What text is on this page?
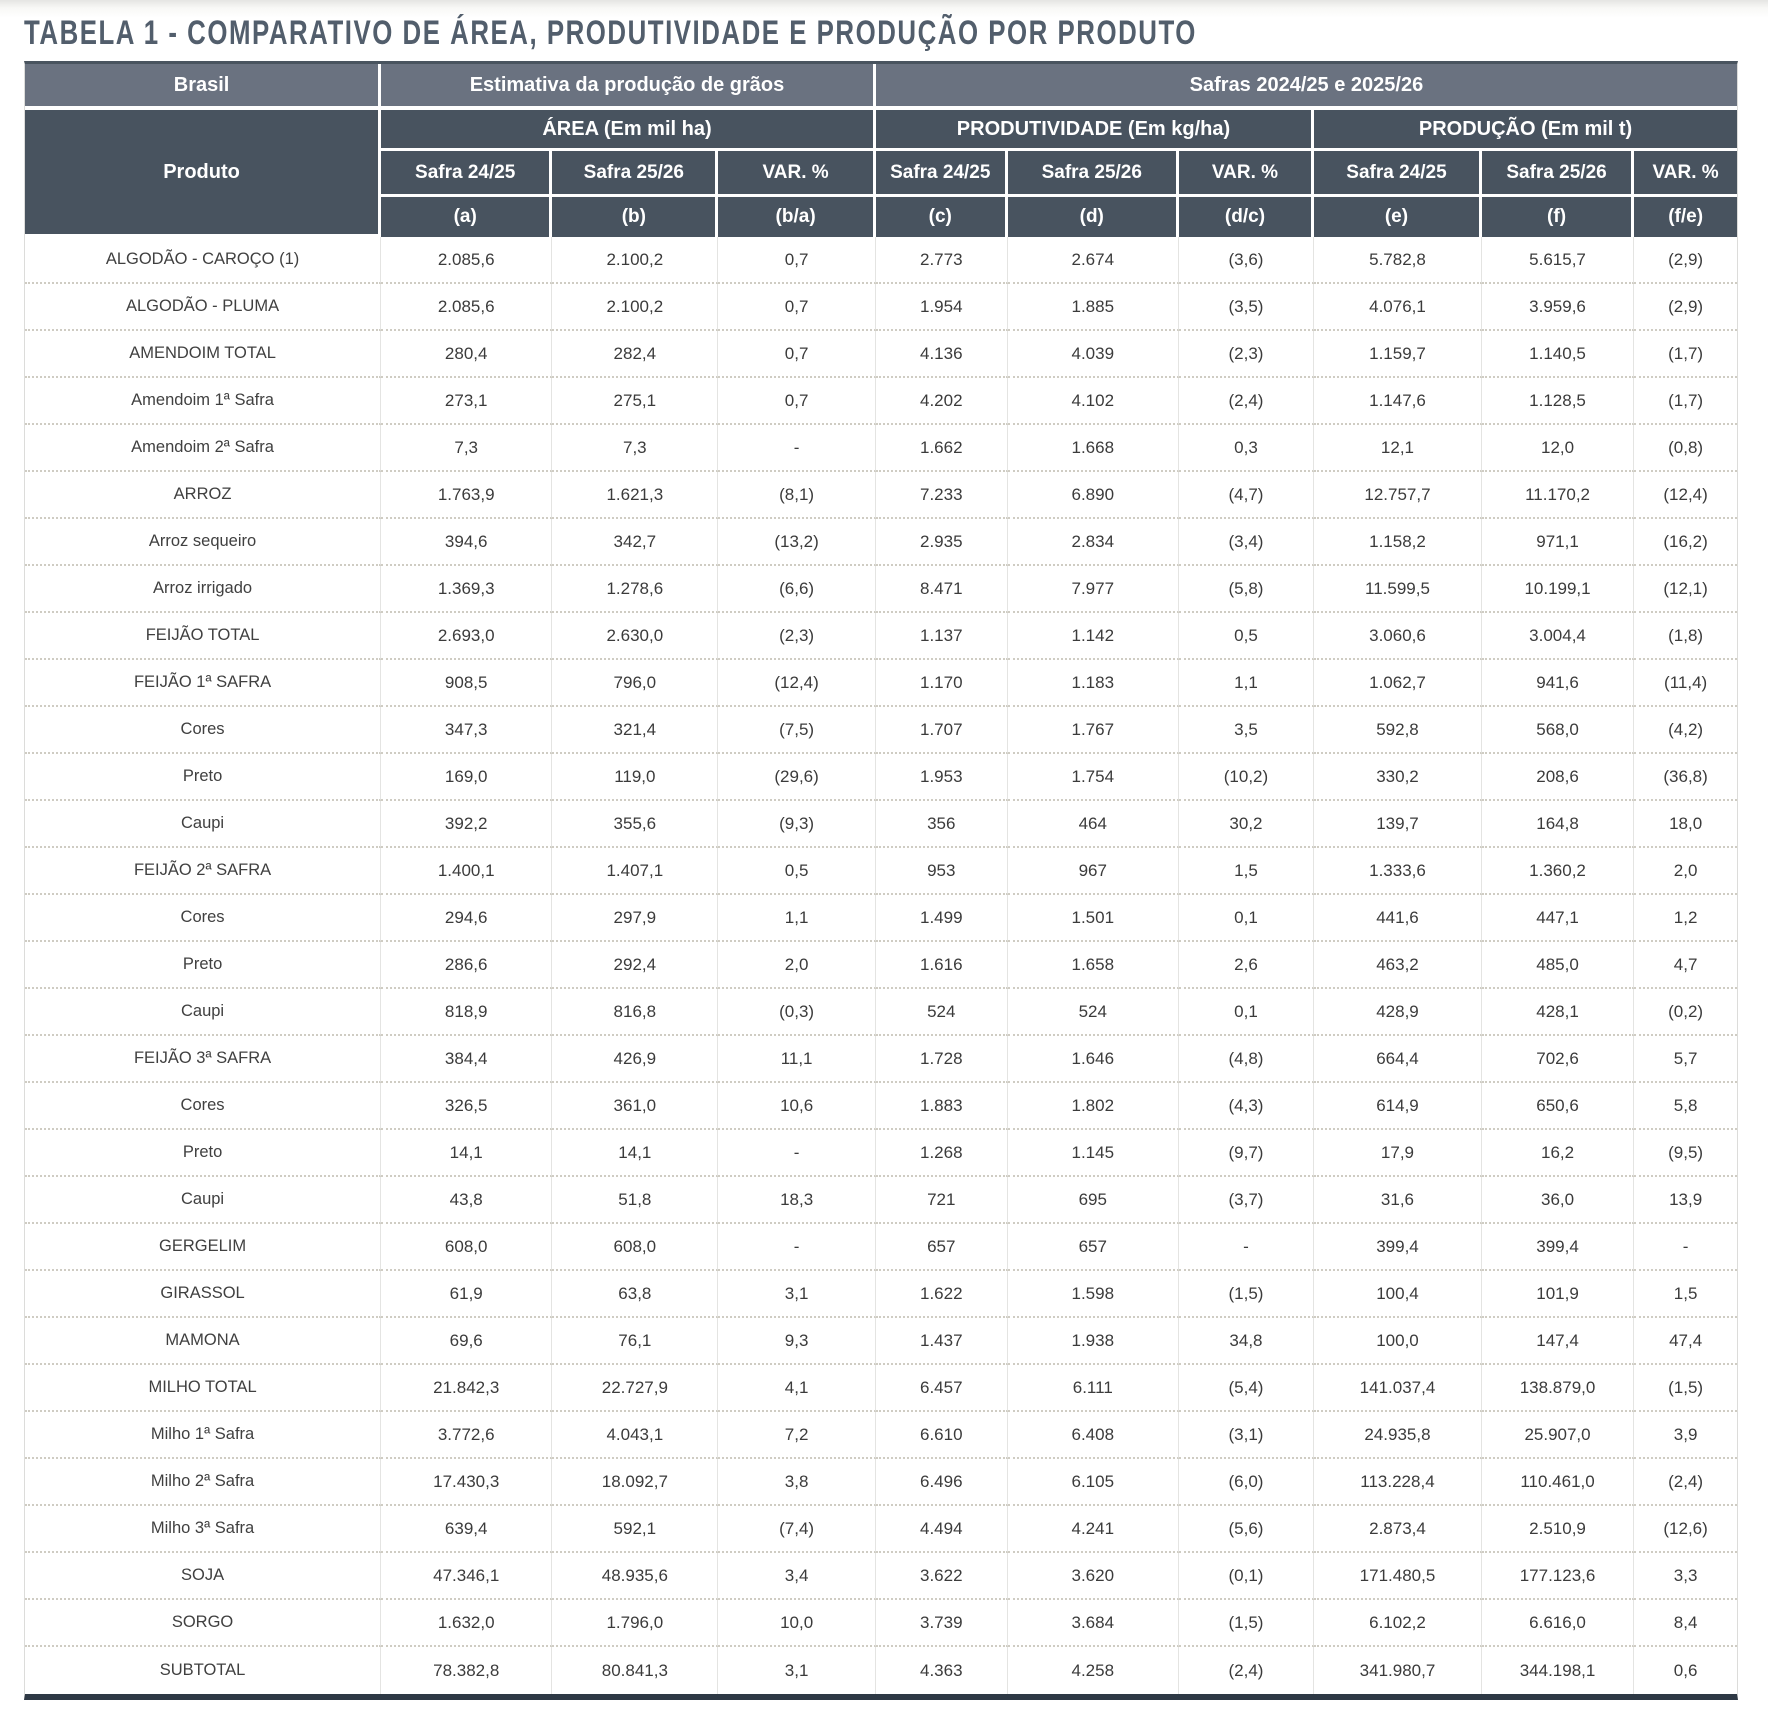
TABELA 1 - COMPARATIVO DE ÁREA, PRODUTIVIDADE E PRODUÇÃO POR PRODUTO
Brasil	Estimativa da produção de grãos			Safras 2024/25 e 2025/26					
Produto	ÁREA (Em mil ha)			PRODUTIVIDADE (Em kg/ha)			PRODUÇÃO (Em mil t)		
	Safra 24/25	Safra 25/26	VAR. %	Safra 24/25	Safra 25/26	VAR. %	Safra 24/25	Safra 25/26	VAR. %
	(a)	(b)	(b/a)	(c)	(d)	(d/c)	(e)	(f)	(f/e)
ALGODÃO - CAROÇO (1)	2.085,6	2.100,2	0,7	2.773	2.674	(3,6)	5.782,8	5.615,7	(2,9)
ALGODÃO - PLUMA	2.085,6	2.100,2	0,7	1.954	1.885	(3,5)	4.076,1	3.959,6	(2,9)
AMENDOIM TOTAL	280,4	282,4	0,7	4.136	4.039	(2,3)	1.159,7	1.140,5	(1,7)
Amendoim 1ª Safra	273,1	275,1	0,7	4.202	4.102	(2,4)	1.147,6	1.128,5	(1,7)
Amendoim 2ª Safra	7,3	7,3	-	1.662	1.668	0,3	12,1	12,0	(0,8)
ARROZ	1.763,9	1.621,3	(8,1)	7.233	6.890	(4,7)	12.757,7	11.170,2	(12,4)
Arroz sequeiro	394,6	342,7	(13,2)	2.935	2.834	(3,4)	1.158,2	971,1	(16,2)
Arroz irrigado	1.369,3	1.278,6	(6,6)	8.471	7.977	(5,8)	11.599,5	10.199,1	(12,1)
FEIJÃO TOTAL	2.693,0	2.630,0	(2,3)	1.137	1.142	0,5	3.060,6	3.004,4	(1,8)
FEIJÃO 1ª SAFRA	908,5	796,0	(12,4)	1.170	1.183	1,1	1.062,7	941,6	(11,4)
Cores	347,3	321,4	(7,5)	1.707	1.767	3,5	592,8	568,0	(4,2)
Preto	169,0	119,0	(29,6)	1.953	1.754	(10,2)	330,2	208,6	(36,8)
Caupi	392,2	355,6	(9,3)	356	464	30,2	139,7	164,8	18,0
FEIJÃO 2ª SAFRA	1.400,1	1.407,1	0,5	953	967	1,5	1.333,6	1.360,2	2,0
Cores	294,6	297,9	1,1	1.499	1.501	0,1	441,6	447,1	1,2
Preto	286,6	292,4	2,0	1.616	1.658	2,6	463,2	485,0	4,7
Caupi	818,9	816,8	(0,3)	524	524	0,1	428,9	428,1	(0,2)
FEIJÃO 3ª SAFRA	384,4	426,9	11,1	1.728	1.646	(4,8)	664,4	702,6	5,7
Cores	326,5	361,0	10,6	1.883	1.802	(4,3)	614,9	650,6	5,8
Preto	14,1	14,1	-	1.268	1.145	(9,7)	17,9	16,2	(9,5)
Caupi	43,8	51,8	18,3	721	695	(3,7)	31,6	36,0	13,9
GERGELIM	608,0	608,0	-	657	657	-	399,4	399,4	-
GIRASSOL	61,9	63,8	3,1	1.622	1.598	(1,5)	100,4	101,9	1,5
MAMONA	69,6	76,1	9,3	1.437	1.938	34,8	100,0	147,4	47,4
MILHO TOTAL	21.842,3	22.727,9	4,1	6.457	6.111	(5,4)	141.037,4	138.879,0	(1,5)
Milho 1ª Safra	3.772,6	4.043,1	7,2	6.610	6.408	(3,1)	24.935,8	25.907,0	3,9
Milho 2ª Safra	17.430,3	18.092,7	3,8	6.496	6.105	(6,0)	113.228,4	110.461,0	(2,4)
Milho 3ª Safra	639,4	592,1	(7,4)	4.494	4.241	(5,6)	2.873,4	2.510,9	(12,6)
SOJA	47.346,1	48.935,6	3,4	3.622	3.620	(0,1)	171.480,5	177.123,6	3,3
SORGO	1.632,0	1.796,0	10,0	3.739	3.684	(1,5)	6.102,2	6.616,0	8,4
SUBTOTAL	78.382,8	80.841,3	3,1	4.363	4.258	(2,4)	341.980,7	344.198,1	0,6
